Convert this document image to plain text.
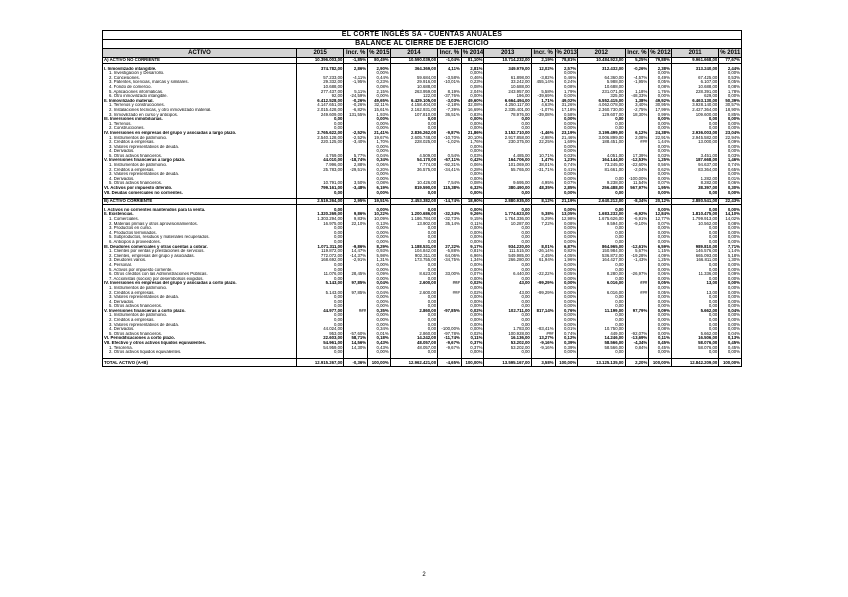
EL CORTE INGLÉS SA - CUENTAS ANUALES
BALANCE AL CIERRE DE EJERCICIO
ACTIVO	2015	Incr. %	% 2015	2014	Incr. %	% 2014	2013	Incr. %	% 2013	2012	Incr. %	% 2012	2011	% 2011
A) ACTIVO NO CORRIENTE	10.396.003,00	-1,85%	80,49%	10.590.039,00	-1,04%	81,10%	10.714.232,00	2,19%	78,81%	10.484.923,00	5,25%	79,88%	9.961.668,00	77,67%

I. Inmovilizado intangible.	374.782,00	2,86%	2,90%	364.369,00	4,11%	2,81%	349.979,00	12,02%	2,57%	312.432,00	-0,26%	2,38%	313.240,00	2,44%
1. Investigación y Desarrollo.			0,00%			0,00%			0,00%			0,00%		0,00%
2. Concesiones.	57.233,00	-4,11%	0,44%	59.684,00	-3,58%	0,46%	61.898,00	-3,82%	0,46%	64.360,00	-4,57%	0,49%	67.425,00	0,53%
3. Patentes, licencias, marcas y similares.	29.332,00	-1,95%	0,23%	29.916,00	-10,01%	0,23%	33.242,00	455,14%	0,24%	5.988,00	-1,95%	0,05%	6.107,00	0,05%
4. Fondo de comercio.	10.688,00		0,08%	10.688,00		0,08%	10.688,00		0,08%	10.688,00		0,08%	10.688,00	0,08%
5. Aplicaciones informáticas.	277.437,00	5,11%	2,15%	263.959,00	8,19%	2,04%	243.957,00	5,58%	1,79%	231.071,00	1,18%	1,76%	228.391,00	1,78%
6. Otro inmovilizado intangible.	92,00	-24,59%	0,00%	122,00	-37,76%	0,00%	196,00	-39,69%	0,00%	325,00	-48,33%	0,00%	629,00	0,00%
II. Inmovilizado material.	6.412.528,00	-0,26%	49,65%	6.429.105,00	-3,03%	49,60%	6.664.494,00	1,71%	49,02%	6.552.415,00	1,38%	49,92%	6.463.130,00	50,39%
1. Terrenos y construcciones.	4.147.651,00	-0,26%	32,11%	4.158.404,00	-2,18%	32,08%	4.250.117,00	4,63%	31,26%	4.062.078,00	3,40%	30,95%	3.928.140,00	30,57%
2. Instalaciones técnicas, y otro inmovilizado material.	2.015.428,00	-6,82%	15,61%	2.162.931,00	-7,39%	16,69%	2.335.401,00	-1,07%	17,18%	2.360.730,00	-2,75%	17,99%	2.427.364,00	18,90%
3. Inmovilizado en curso y anticipos.	249.609,00	131,55%	1,93%	107.810,00	36,51%	0,83%	78.976,00	-39,08%	0,58%	129.607,00	18,30%	0,99%	109.600,00	0,85%
III. Inversiones inmobiliarias.	0,00		0,00%	0,00		0,00%	0,00		0,00%	0,00		0,00%	0,00	0,00%
1. Terrenos.	0,00		0,00%	0,00		0,00%	0,00		0,00%	0,00		0,00%	0,00	0,00%
2. Construcciones.	0,00		0,00%	0,00		0,00%	0,00		0,00%	0,00		0,00%	0,00	0,00%
IV. Inversiones en empresas del grupo y asociadas a largo plazo.	2.765.622,00	-2,52%	21,41%	2.836.262,00	-9,87%	21,86%	3.152.710,00	-1,46%	23,19%	3.199.499,00	6,12%	24,38%	2.936.003,00	23,04%
1. Instrumentos de patrimonio.	2.540.128,00	-2,52%	19,67%	2.605.748,00	-10,70%	20,10%	2.917.858,00	-2,98%	21,46%	3.006.899,00	2,08%	22,91%	2.945.582,00	22,94%
2. Créditos a empresas.	220.125,00	-3,40%	1,70%	228.025,00	-1,02%	1,76%	230.375,00	22,25%	1,69%	188.451,00	###	1,44%	13.000,00	0,09%
3. Valores representativos de deuda.			0,00%			0,00%			0,00%			0,00%		0,00%
4. Derivados.			0,00%			0,00%			0,00%			0,00%		0,00%
5. Otros activos financieros.	4.769,00	5,77%	0,04%	4.509,00	0,54%	0,03%	4.485,00	10,71%	0,03%	4.051,00	17,39%	0,03%	3.451,00	0,03%
V. Inversiones financieras a largo plazo.	44.010,00	-18,74%	0,34%	54.170,00	-67,11%	0,42%	164.706,00	1,47%	1,23%	164.144,00	-12,53%	1,25%	187.668,00	1,46%
1. Instrumentos de patrimonio.	7.996,00	2,88%	0,06%	7.774,00	-92,31%	0,06%	101.069,00	38,01%	0,74%	73.245,00	-22,60%	0,56%	94.637,00	0,74%
2. Créditos a empresas.	25.783,00	-29,51%	0,20%	36.575,00	-34,41%	0,28%	55.765,00	-31,71%	0,41%	81.661,00	-2,04%	0,62%	83.364,00	0,65%
3. Valores representativos de deuda.			0,00%			0,00%			0,00%			0,00%		0,00%
4. Derivados.			0,00%			0,00%			0,00%	0,00	-100,00%	0,00%	1.282,00	0,01%
5. Otros activos financieros.	10.791,00	3,50%	0,08%	10.426,00	7,54%	0,08%	9.695,00	4,95%	0,07%	9.238,00	11,54%	0,07%	8.282,00	0,06%
VI. Activos por impuesto diferido.	799.161,00	-3,48%	6,19%	819.590,00	115,38%	6,32%	380.490,00	48,35%	2,85%	256.488,00	567,97%	1,95%	38.397,00	0,30%
VII. Deudas comerciales no corrientes.	0,00		0,00%	0,00		0,00%	0,00		0,00%	0,00		0,00%	0,00	0,00%

B) ACTIVO CORRIENTE	2.519.264,00	2,95%	19,51%	2.453.382,00	-14,74%	18,90%	2.880.935,00	8,12%	21,19%	2.640.212,00	-8,34%	20,12%	2.880.541,00	22,43%

I. Activos no corrientes mantenidos para la venta.	0,00		0,00%	0,00		0,00%	0,00		0,00%	0,00		0,00%	0,00	0,00%
II. Existencias.	1.320.269,00	9,86%	10,22%	1.200.686,00	-32,34%	9,26%	1.774.623,00	5,38%	13,05%	1.683.232,00	-6,92%	12,84%	1.810.475,00	14,10%
1. Comerciales.	1.303.294,00	9,83%	10,09%	1.186.784,00	-32,73%	9,15%	1.764.336,00	5,29%	12,98%	1.675.626,00	-6,91%	12,77%	1.799.913,00	14,02%
2. Materias primas y otros aprovisionamientos.	16.975,00	22,10%	0,13%	13.902,00	35,14%	0,11%	10.287,00	7,22%	0,08%	9.594,00	-9,10%	0,07%	10.562,00	0,08%
3. Productos en curso.	0,00		0,00%	0,00		0,00%	0,00		0,00%	0,00		0,00%	0,00	0,00%
4. Productos terminados.	0,00		0,00%	0,00		0,00%	0,00		0,00%	0,00		0,00%	0,00	0,00%
5. Subproductos, residuos y materiales recuperados.	0,00		0,00%	0,00		0,00%	0,00		0,00%	0,00		0,00%	0,00	0,00%
6. Anticipos a proveedores.	0,00		0,00%	0,00		0,00%	0,00		0,00%	0,00		0,00%	0,00	0,00%
III. Deudores comerciales y otras cuentas a cobrar.	1.071.311,00	-9,86%	8,29%	1.188.531,00	27,22%	9,17%	934.220,00	8,01%	6,87%	864.965,00	-12,61%	6,59%	989.810,00	7,71%
1. Clientes por ventas y prestaciones de servicios.	119.872,00	14,47%	0,93%	104.842,00	-5,88%	0,81%	111.515,00	-26,14%	0,82%	150.984,00	5,67%	1,15%	146.576,00	1,14%
2. Clientes, empresas del grupo y asociadas.	772.072,00	-14,37%	5,98%	902.311,00	64,06%	6,96%	549.985,00	2,45%	4,05%	536.872,00	-19,28%	4,09%	665.093,00	5,18%
3. Deudores varios.	168.692,00	-2,91%	1,31%	173.755,00	-34,75%	1,34%	266.280,00	61,94%	1,96%	164.427,00	-1,43%	1,25%	166.811,00	1,30%
4. Personal.	0,00		0,00%	0,00		0,00%	0,00		0,00%	0,00		0,00%	0,00	0,00%
5. Activos por impuesto corriente.	0,00		0,00%	0,00		0,00%	0,00		0,00%	0,00		0,00%	0,00	0,00%
6. Otros créditos con las Administraciones Públicas.	11.076,00	28,45%	0,09%	8.623,00	33,00%	0,07%	6.440,00	-22,22%	0,05%	8.280,00	-26,97%	0,06%	11.336,00	0,09%
7. Accionistas (socios) por desembolsos exigidos.	0,00		0,00%	0,00		0,00%	0,00		0,00%	0,00		0,00%	0,00	0,00%
IV. Inversiones en empresas del grupo y asociadas a corto plazo.	5.143,00	97,85%	0,04%	2.600,00	###	0,02%	43,00	-99,29%	0,00%	6.016,00	###	0,05%	13,00	0,00%
1. Instrumentos de patrimonio.			0,00%			0,00%			0,00%			0,00%		0,00%
2. Créditos a empresas.	5.143,00	97,85%	0,04%	2.600,00	###	0,02%	43,00	-99,29%	0,00%	6.016,00	###	0,05%	13,00	0,00%
3. Valores representativos de deuda.	0,00		0,00%	0,00		0,00%	0,00		0,00%	0,00		0,00%	0,00	0,00%
4. Derivados.	0,00		0,00%	0,00		0,00%	0,00		0,00%	0,00		0,00%	0,00	0,00%
5. Otros activos financieros.	0,00		0,00%	0,00		0,00%	0,00		0,00%	0,00		0,00%	0,00	0,00%
V. Inversiones financieras a corto plazo.	44.977,00	###	0,35%	2.860,00	-97,85%	0,02%	102.711,00	817,14%	0,76%	11.199,00	97,79%	0,09%	5.662,00	0,04%
1. Instrumentos de patrimonio.	0,00		0,00%	0,00		0,00%	0,00		0,00%	0,00		0,00%	0,00	0,00%
2. Créditos a empresas.	0,00		0,00%	0,00		0,00%	0,00		0,00%	0,00		0,00%	0,00	0,00%
3. Valores representativos de deuda.	0,00		0,00%	0,00		0,00%	0,00		0,00%	0,00		0,00%	0,00	0,00%
4. Derivados.	44.024,00		0,34%	0,00	-100,00%	0,00%	1.783,00	-83,41%	0,01%	10.750,00		0,08%	0,00	0,00%
5. Otros activos financieros.	953,00	-57,60%	0,01%	2.860,00	-97,78%	0,02%	100.928,00	###	0,74%	449,00	-92,07%	0,00%	5.662,00	0,04%
VI. Periodificaciones a corto plazo.	22.603,00	58,71%	0,18%	14.242,00	-11,74%	0,11%	16.136,00	13,27%	0,12%	14.246,00	-13,69%	0,11%	16.506,00	0,13%
VII. Efectivo y otros activos líquidos equivalentes.	54.961,00	14,56%	0,43%	48.057,00	-9,67%	0,37%	53.202,00	-9,16%	0,39%	58.566,00	-4,34%	0,45%	58.076,00	0,45%
1. Tesorería.	54.959,00	14,30%	0,43%	48.057,00	-9,67%	0,37%	53.202,00	-9,16%	0,39%	58.566,00	0,84%	0,45%	58.076,00	0,45%
2. Otros activos líquidos equivalentes.	0,00		0,00%	0,00		0,00%	0,00		0,00%	0,00		0,00%	0,00	0,00%

TOTAL ACTIVO (A+B)	12.915.267,00	-0,36%	100,00%	12.962.421,00	-4,65%	100,00%	13.595.167,00	3,58%	100,00%	13.125.135,00	2,20%	100,00%	12.842.209,00	100,00%
2
